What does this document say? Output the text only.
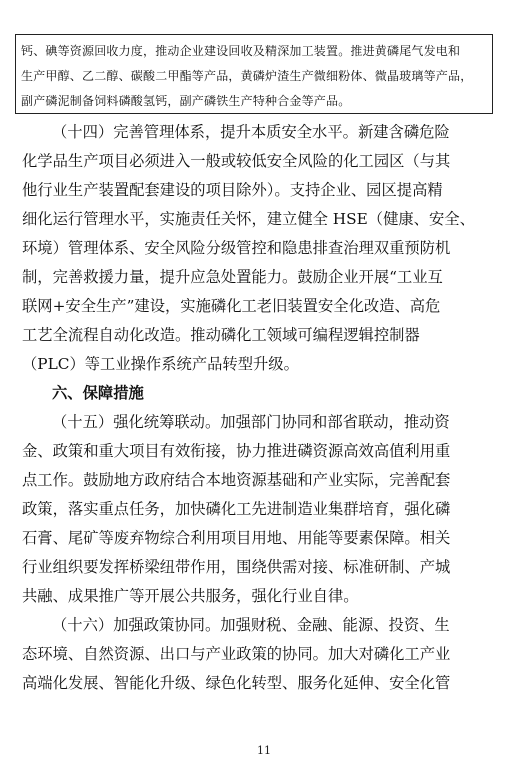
钙、碘等资源回收力度，推动企业建设回收及精深加工装置。推进黄磷尾气发电和

生产甲醇、乙二醇、碳酸二甲酯等产品，黄磷炉渣生产微细粉体、微晶玻璃等产品，

副产磷泥制备饲料磷酸氢钙，副产磷铁生产特种合金等产品。

（十四）完善管理体系，提升本质安全水平。新建含磷危险
化学品生产项目必须进入一般或较低安全风险的化工园区（与其
他行业生产装置配套建设的项目除外）。支持企业、园区提高精
细化运行管理水平，实施责任关怀，建立健全 HSE（健康、安全、
环境）管理体系、安全风险分级管控和隐患排查治理双重预防机
制，完善救援力量，提升应急处置能力。鼓励企业开展“工业互
联网+安全生产”建设，实施磷化工老旧装置安全化改造、高危
工艺全流程自动化改造。推动磷化工领域可编程逻辑控制器
（PLC）等工业操作系统产品转型升级。

六、保障措施

（十五）强化统筹联动。加强部门协同和部省联动，推动资
金、政策和重大项目有效衔接，协力推进磷资源高效高值利用重
点工作。鼓励地方政府结合本地资源基础和产业实际，完善配套
政策，落实重点任务，加快磷化工先进制造业集群培育，强化磷
石膏、尾矿等废弃物综合利用项目用地、用能等要素保障。相关
行业组织要发挥桥梁纽带作用，围绕供需对接、标准研制、产城
共融、成果推广等开展公共服务，强化行业自律。

（十六）加强政策协同。加强财税、金融、能源、投资、生
态环境、自然资源、出口与产业政策的协同。加大对磷化工产业
高端化发展、智能化升级、绿色化转型、服务化延伸、安全化管

11
